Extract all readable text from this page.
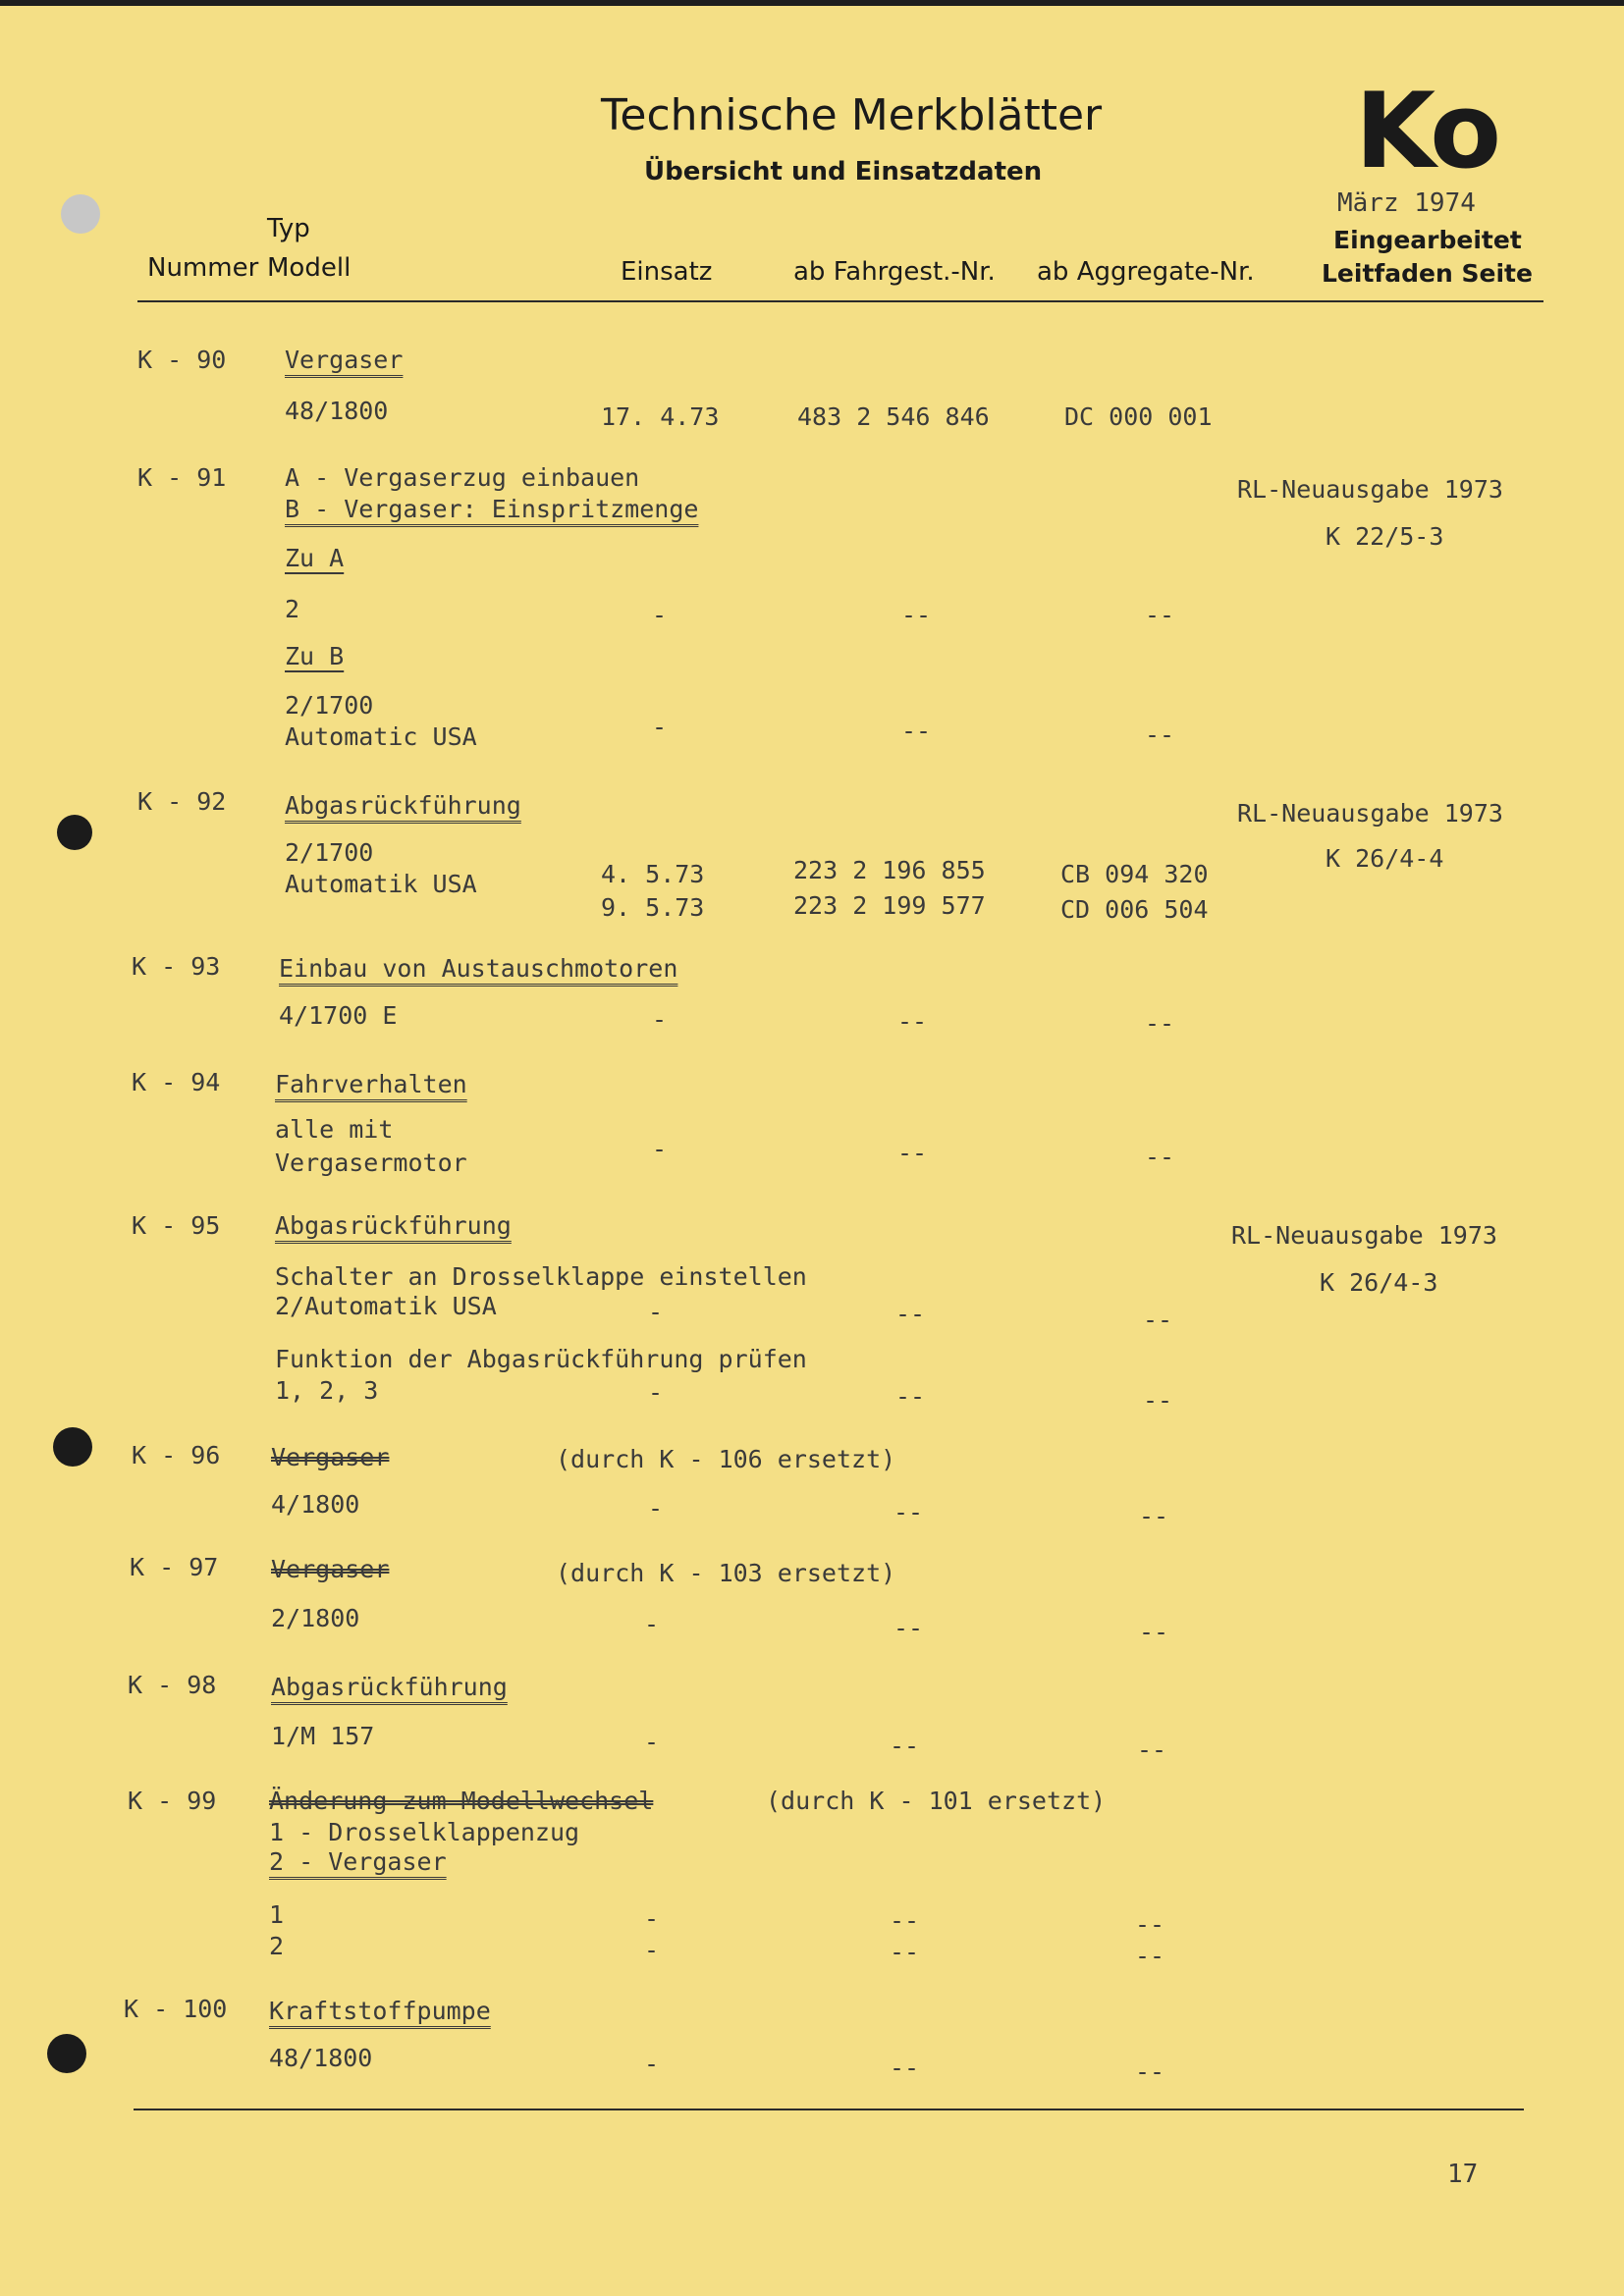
Technische Merkblätter
Übersicht und Einsatzdaten	Ko
März 1974
Typ
Nummer Modell	Einsatz	ab Fahrgest.-Nr. ab Aggregate-Nr.
Eingearbeitet
Leitfaden Seite
K - 90 Vergaser
48/1800	17. 4.73	483 2 546 846	DC 000 001
K - 91 A - Vergaserzug einbauen
B - Vergaser: Einspritzmenge
RL-Neuausgabe 1973
K 22/5-3
Zu A
2	-	--	--
Zu B
2/1700
Automatic USA	-	--	--
K - 92 Abgasrückführung	RL-Neuausgabe 1973
K 26/4-4
2/1700
Automatik USA	4. 5.73	223 2 196 855	CB 094 320
9. 5.73	223 2 199 577	CD 006 504
K - 93 Einbau von Austauschmotoren
4/1700 E	-	--	--
K - 94 Fahrverhalten
alle mit
Vergasermotor	-	--	--
K - 95 Abgasrückführung	RL-Neuausgabe 1973
K 26/4-3
Schalter an Drosselklappe einstellen
2/Automatik USA	-	--	--
Funktion der Abgasrückführung prüfen
1, 2, 3	-	--	--
K - 96 Vergaser	(durch K - 106 ersetzt)
4/1800	-	--	--
K - 97 Vergaser	(durch K - 103 ersetzt)
2/1800	-	--	--
K - 98 Abgasrückführung
1/M 157	-	--	--
K - 99 Änderung zum Modellwechsel	(durch K - 101 ersetzt)
1 - Drosselklappenzug
2 - Vergaser
1	-	--	--
2	-	--	--
K - 100 Kraftstoffpumpe
48/1800	-	--	--
17
